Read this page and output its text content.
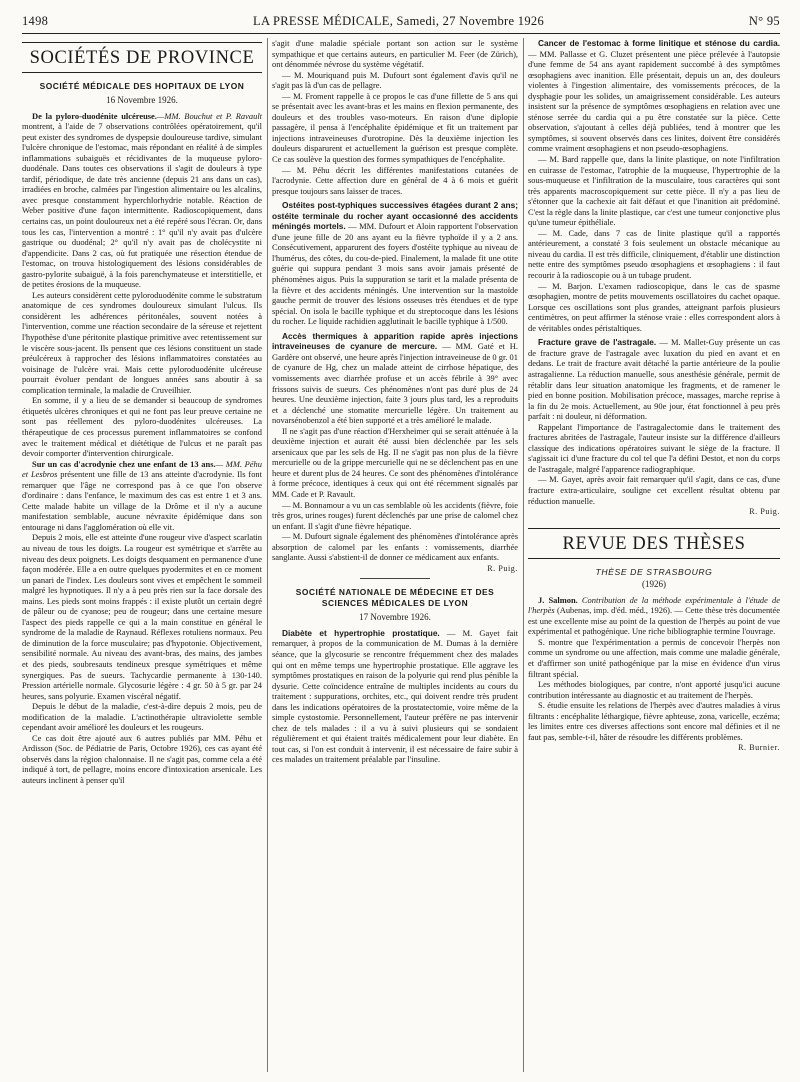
1498	LA PRESSE MÉDICALE, Samedi, 27 Novembre 1926	N° 95
SOCIÉTÉS DE PROVINCE
SOCIÉTÉ MÉDICALE DES HOPITAUX DE LYON
16 Novembre 1926.

De la pyloro-duodénite ulcéreuse.—MM. Bouchut et P. Ravault montrent, à l'aide de 7 observations contrôlées opératoirement, qu'il peut exister des syndromes de dyspepsie douloureuse tardive, simulant l'ulcère chronique de l'estomac, mais répondant en réalité à de simples inflammations subaiguës et récidivantes de la muqueuse pyloro-duodénale. Dans toutes ces observations il s'agit de douleurs à type tardif, périodique, de date très ancienne (depuis 21 ans dans un cas), irradiées en broche, calmées par l'ingestion alimentaire ou les alcalins, avec presque constamment hyperchlorhydrie notable. Réaction de Weber positive d'une façon intermittente. Radioscopiquement, dans certains cas, un point douloureux net a été repéré sous l'écran. Or, dans tous les cas, l'intervention a montré : 1° qu'il n'y avait pas d'ulcère gastrique ou duodénal; 2° qu'il n'y avait pas de cholécystite ni d'appendicite. Dans 2 cas, où fut pratiquée une résection étendue de l'estomac, on trouva histologiquement des lésions considérables de gastro-pylorite subaiguë, à la fois parenchymateuse et interstitielle, et de petites érosions de la muqueuse.

Les auteurs considèrent cette pyloroduodénite comme le substratum anatomique de ces syndromes douloureux simulant l'ulcus. Ils considèrent les adhérences péritonéales, souvent notées à l'intervention, comme une réaction secondaire de la séreuse et rejettent l'hypothèse d'une péritonite plastique primitive avec retentissement sur le viscère sous-jacent. Ils pensent que ces lésions constituent un stade préulcéreux à rapprocher des lésions inflammatoires constatées au voisinage de l'ulcère vrai. Mais cette pyloroduodénite ulcéreuse pourrait évoluer pendant de longues années sans aboutir à sa complication terminale, la maladie de Cruveilhier.

En somme, il y a lieu de se demander si beaucoup de syndromes étiquetés ulcères chroniques et qui ne font pas leur preuve certaine ne sont pas réellement des pyloro-duodénites ulcéreuses. La thérapeutique de ces processus purement inflammatoires se confond avec le traitement médical et diététique de l'ulcus et ne paraît pas devoir comporter d'intervention chirurgicale.

Sur un cas d'acrodynie chez une enfant de 13 ans.— MM. Péhu et Lesbros présentent une fille de 13 ans atteinte d'acrodynie. Ils font remarquer que l'âge ne correspond pas à ce que l'on observe d'ordinaire : dans l'enfance, le maximum des cas est entre 1 et 3 ans. Cette malade habite un village de la Drôme et il n'y a aucune manifestation semblable, aucune névraxite épidémique dans son entourage ni dans l'agglomération où elle vit.

Depuis 2 mois, elle est atteinte d'une rougeur vive d'aspect scarlatin au niveau de tous les doigts. La rougeur est symétrique et s'arrête au niveau des deux poignets. Les doigts desquament en permanence d'une façon modérée. Elle a en outre quelques pyodermites et en ce moment un panari de l'index. Les douleurs sont vives et empêchent le sommeil malgré les hypnotiques. Il n'y a à peu près rien sur la face dorsale des mains. Les pieds sont moins frappés : il existe plutôt un certain degré de pâleur ou de cyanose; peu de rougeur; dans une certaine mesure l'aspect des pieds rappelle ce qui a la main constitue en général le syndrome de la maladie de Raynaud. Réflexes rotuliens normaux. Peu de diminution de la force musculaire; pas d'hypotonie. Objectivement, sensibilité normale. Au niveau des avant-bras, des mains, des jambes et des pieds, soubresauts tendineux presque symétriques et même synergiques. Pas de sueurs. Tachycardie permanente à 130-140. Pression artérielle normale. Glycosurie légère : 4 gr. 50 à 5 gr. par 24 heures, sans polyurie. Examen viscéral négatif.

Depuis le début de la maladie, c'est-à-dire depuis 2 mois, peu de modification de la maladie. L'actinothérapie ultraviolette semble cependant avoir amélioré les douleurs et les rougeurs.

Ce cas doit être ajouté aux 6 autres publiés par MM. Péhu et Ardisson (Soc. de Pédiatrie de Paris, Octobre 1926), ces cas ayant été observés dans la région chalonnaise. Il ne s'agit pas, comme cela a été indiqué à tort, de pellagre, moins encore d'intoxication arsenicale. Les auteurs inclinent à penser qu'il

s'agit d'une maladie spéciale portant son action sur le système sympathique et que certains auteurs, en particulier M. Feer (de Zürich), ont dénommée névrose du système végétatif.

— M. Mouriquand puis M. Dufourt sont également d'avis qu'il ne s'agit pas là d'un cas de pellagre.

— M. Froment rappelle à ce propos le cas d'une fillette de 5 ans qui se présentait avec les avant-bras et les mains en flexion permanente, des douleurs et des troubles vaso-moteurs. En raison d'une diplopie passagère, il pensa à l'encéphalite épidémique et fit un traitement par injections intraveineuses d'urotropine. Dès la deuxième injection les douleurs disparurent et actuellement la guérison est presque complète. Ce cas soulève la question des formes sympathiques de l'encéphalite.

— M. Péhu décrit les différentes manifestations cutanées de l'acrodynie. Cette affection dure en général de 4 à 6 mois et guérit presque toujours sans laisser de traces.

Ostéites post-typhiques successives étagées durant 2 ans; ostéite terminale du rocher ayant occasionné des accidents méningés mortels. — MM. Dufourt et Aloin rapportent l'observation d'une jeune fille de 20 ans ayant eu la fièvre typhoïde il y a 2 ans. Consécutivement, apparurent des foyers d'ostéite typhique au niveau de l'humérus, des côtes, du cou-de-pied. Finalement, la malade fit une otite guérie qui suppura pendant 3 mois sans avoir jamais présenté de phénomènes aigus. Puis la suppuration se tarit et la malade présenta de la fièvre et des accidents méningés. Une intervention sur la mastoïde gauche permit de trouver des lésions osseuses très étendues et de type spécial. On isola le bacille typhique et du streptocoque dans les lésions du rocher. Le liquide rachidien agglutinait le bacille typhique à 1/500.

Accès thermiques à apparition rapide après injections intraveineuses de cyanure de mercure. — MM. Gaté et H. Gardère ont observé, une heure après l'injection intraveineuse de 0 gr. 01 de cyanure de Hg, chez un malade atteint de cirrhose hépatique, des vomissements avec diarrhée profuse et un accès fébrile à 39° avec frissons suivis de sueurs. Ces phénomènes n'ont pas duré plus de 24 heures. Une deuxième injection, faite 3 jours plus tard, les a reproduits et a déclenché une stomatite mercurielle légère. Un traitement au novarsénobenzol a été bien supporté et a très amélioré le malade.

Il ne s'agit pas d'une réaction d'Herxheimer qui se serait atténuée à la deuxième injection et aurait été aussi bien déclenchée par les sels arsenicaux que par les sels de Hg. Il ne s'agit pas non plus de la fièvre mercurielle ou de la grippe mercurielle qui ne se déclenchent pas en une heure et durent plus de 24 heures. Ce sont des phénomènes d'intolérance à forme précoce, identiques à ceux qui ont été récemment signalés par MM. Cade et P. Ravault.

— M. Bonnamour a vu un cas semblable où les accidents (fièvre, foie très gros, urines rouges) furent déclenchés par une prise de calomel chez un enfant. Il s'agit d'une fièvre hépatique.

— M. Dufourt signale également des phénomènes d'intolérance après absorption de calomel par les enfants : vomissements, diarrhée sanglante. Aussi s'abstient-il de donner ce médicament aux enfants.

R. Puig.
SOCIÉTÉ NATIONALE DE MÉDECINE ET DES SCIENCES MÉDICALES DE LYON
17 Novembre 1926.

Diabète et hypertrophie prostatique. — M. Gayet fait remarquer, à propos de la communication de M. Dumas à la dernière séance, que la glycosurie se rencontre fréquemment chez des malades qui ont en même temps une hypertrophie prostatique. Elle aggrave les symptômes prostatiques en raison de la polyurie qui rend plus pénible la dysurie. Cette coïncidence entraîne de multiples incidents au cours du traitement : suppurations, orchites, etc., qui doivent rendre très prudent dans les indications opératoires de la prostatectomie, voire même de la simple cystostomie. Personnellement, l'auteur préfère ne pas intervenir chez de tels malades : il a vu à suivi plusieurs qui se sondaient régulièrement et qui étaient traités médicalement pour leur diabète. En tout cas, si l'on est conduit à intervenir, il est nécessaire de faire subir à ces malades un traitement préalable par l'insuline.

Cancer de l'estomac à forme linitique et sténose du cardia. — MM. Pallasse et G. Cluzet présentent une pièce prélevée à l'autopsie d'une femme de 54 ans ayant rapidement succombé à des symptômes œsophagiens avec inanition. Elle présentait, depuis un an, des douleurs violentes à l'ingestion alimentaire, des vomissements précoces, de la dysphagie pour les solides, un amaigrissement considérable. Les auteurs insistent sur la présence de symptômes œsophagiens en relation avec une sténose serrée du cardia qui a pu être constatée sur la pièce. Cette observation, s'ajoutant à celles déjà publiées, tend à montrer que les symptômes, si souvent observés dans ces linites, doivent être considérés comme vraiment œsophagiens et non pseudo-œsophagiens.

— M. Bard rappelle que, dans la linite plastique, on note l'infiltration en cuirasse de l'estomac, l'atrophie de la muqueuse, l'hypertrophie de la sous-muqueuse et l'infiltration de la musculaire, tous caractères qui sont très apparents macroscopiquement sur cette pièce. Il n'y a pas lieu de s'étonner que la cachexie ait fait défaut et que l'inanition ait prédominé. C'est la règle dans la linite plastique, car c'est une tumeur conjonctive plus qu'une tumeur épithéliale.

— M. Cade, dans 7 cas de linite plastique qu'il a rapportés antérieurement, a constaté 3 fois seulement un obstacle mécanique au niveau du cardia. Il est très difficile, cliniquement, d'établir une distinction nette entre des symptômes pseudo œsophagiens et œsophagiens : il faut recourir à la radioscopie ou à un tubage prudent.

— M. Barjon. L'examen radioscopique, dans le cas de spasme œsophagien, montre de petits mouvements oscillatoires du cachet opaque. Lorsque ces oscillations sont plus grandes, atteignant parfois plusieurs centimètres, on peut affirmer la sténose vraie : elles correspondent alors à de véritables ondes péristaltiques.

Fracture grave de l'astragale. — M. Mallet-Guy présente un cas de fracture grave de l'astragale avec luxation du pied en avant et en dedans. Le trait de fracture avait détaché la partie antérieure de la poulie astragalienne. La réduction manuelle, sous anesthésie générale, permit de rétablir dans leur situation anatomique les fragments, et de ramener le pied en bonne position. Mobilisation précoce, massages, marche reprise à la fin du 2e mois. Actuellement, au 90e jour, état fonctionnel à peu près parfait : ni douleur, ni déformation.

Rappelant l'importance de l'astragalectomie dans le traitement des fractures abritées de l'astragale, l'auteur insiste sur la différence d'ailleurs classique des indications opératoires suivant le siège de la fracture. Il s'agissait ici d'une fracture du col tel que l'a défini Destot, et non du corps de l'astragale, malgré l'apparence radiographique.

— M. Gayet, après avoir fait remarquer qu'il s'agit, dans ce cas, d'une fracture extra-articulaire, souligne cet excellent résultat obtenu par réduction manuelle.

R. Puig.
REVUE DES THÈSES
THÈSE DE STRASBOURG
(1926)

J. Salmon. Contribution de la méthode expérimentale à l'étude de l'herpès (Aubenas, imp. d'éd. méd., 1926). — Cette thèse très documentée est une excellente mise au point de la question de l'herpès au point de vue expérimental et pathogénique. Une riche bibliographie termine l'ouvrage.

S. montre que l'expérimentation a permis de concevoir l'herpès non comme un syndrome ou une affection, mais comme une maladie générale, et d'affirmer son unité pathogénique par la mise en évidence d'un virus filtrant spécial.

Les méthodes biologiques, par contre, n'ont apporté jusqu'ici aucune contribution intéressante au diagnostic et au traitement de l'herpès.

S. étudie ensuite les relations de l'herpès avec d'autres maladies à virus filtrants : encéphalite léthargique, fièvre aphteuse, zona, varicelle, eczéma; les limites entre ces diverses affections sont encore mal définies et il ne faut pas, semble-t-il, hâter de résoudre les différents problèmes.

R. Burnier.
